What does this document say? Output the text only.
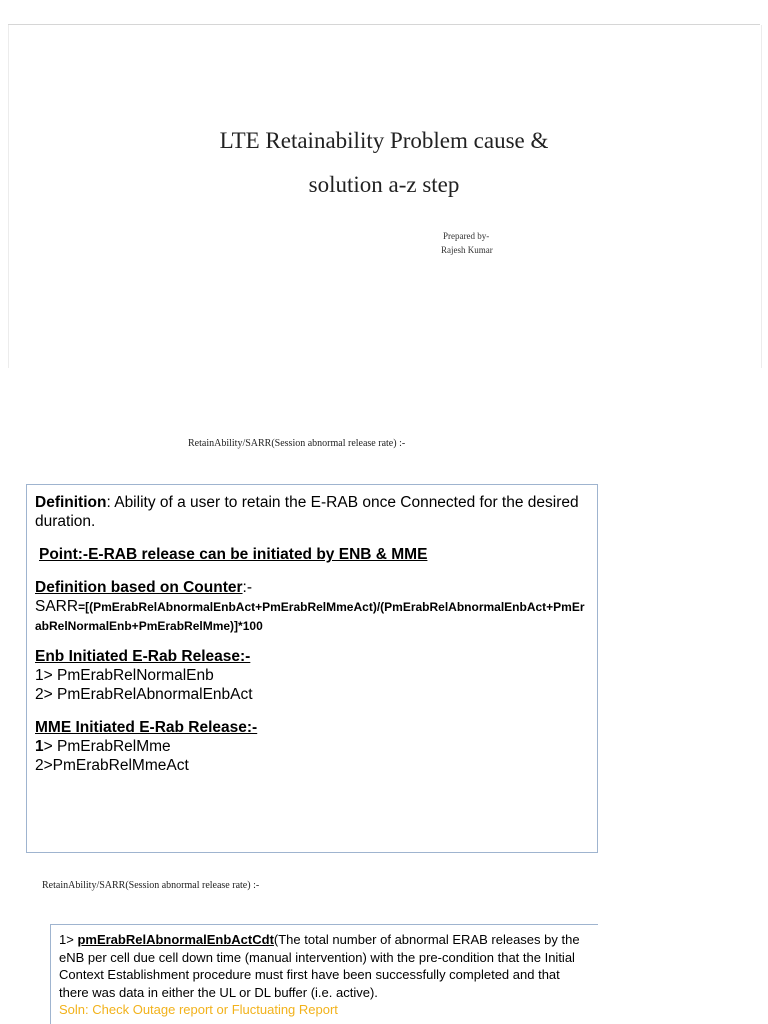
LTE Retainability Problem cause &
solution a-z step
Prepared by-
Rajesh Kumar
RetainAbility/SARR(Session abnormal release rate) :-

Definition: Ability of a user to retain the E-RAB once Connected for the desired duration.

Point:-E-RAB release can be initiated by ENB & MME

Definition based on Counter:-

SARR=[(PmErabRelAbnormalEnbAct+PmErabRelMmeAct)/(PmErabRelAbnormalEnbAct+PmErabRelNormalEnb+PmErabRelMme)]*100

Enb Initiated E-Rab Release:-

1> PmErabRelNormalEnb

2> PmErabRelAbnormalEnbAct

MME Initiated E-Rab Release:-

1> PmErabRelMme

2>PmErabRelMmeAct

RetainAbility/SARR(Session abnormal release rate) :-

1> pmErabRelAbnormalEnbActCdt(The total number of abnormal ERAB releases by the eNB per cell due cell down time (manual intervention) with the pre-condition that the Initial Context Establishment procedure must first have been successfully completed and that there was data in either the UL or DL buffer (i.e. active).

Soln: Check Outage report or Fluctuating Report
